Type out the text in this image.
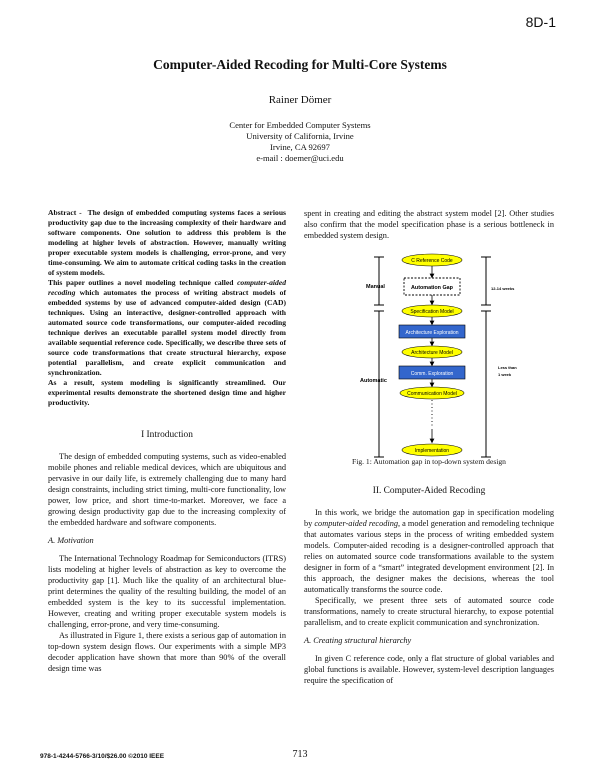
8D-1
Computer-Aided Recoding for Multi-Core Systems
Rainer Dömer
Center for Embedded Computer Systems
University of California, Irvine
Irvine, CA 92697
e-mail : doemer@uci.edu

Abstract - The design of embedded computing systems faces a serious productivity gap due to the increasing complexity of their hardware and software components. One solution to address this problem is the modeling at higher levels of abstraction. However, manually writing proper executable system models is challenging, error-prone, and very time-consuming. We aim to automate critical coding tasks in the creation of system models.

This paper outlines a novel modeling technique called computer-aided recoding which automates the process of writing abstract models of embedded systems by use of advanced computer-aided design (CAD) techniques. Using an interactive, designer-controlled approach with automated source code transformations, our computer-aided recoding technique derives an executable parallel system model directly from available sequential reference code. Specifically, we describe three sets of source code transformations that create structural hierarchy, expose potential parallelism, and create explicit communication and synchronization.

As a result, system modeling is significantly streamlined. Our experimental results demonstrate the shortened design time and higher productivity.

I Introduction

The design of embedded computing systems, such as video-enabled mobile phones and reliable medical devices, which are ubiquitous and pervasive in our daily life, is extremely challenging due to many hard design constraints, including strict timing, multi-core functionality, low power, low price, and short time-to-market. Moreover, we face a growing design productivity gap due to the increasing complexity of the embedded hardware and software components.

A. Motivation

The International Technology Roadmap for Semiconductors (ITRS) lists modeling at higher levels of abstraction as key to overcome the productivity gap [1]. Much like the quality of an architectural blue-print determines the quality of the resulting building, the model of an embedded system is the key to its successful implementation. However, creating and writing proper executable system models is challenging, error-prone, and very time-consuming.

As illustrated in Figure 1, there exists a serious gap of automation in top-down system design flows. Our experiments with a simple MP3 decoder application have shown that more than 90% of the overall design time was

spent in creating and editing the abstract system model [2]. Other studies also confirm that the model specification phase is a serious bottleneck in embedded system design.

Manual
Automatic
12-14 weeks
Less than
1 week
C Reference Code
Automation Gap
Specification Model
Architecture Exploration
Architecture Model
Comm. Exploration
Communication Model
Implementation
Fig. 1: Automation gap in top-down system design
II. Computer-Aided Recoding

In this work, we bridge the automation gap in specification modeling by computer-aided recoding, a model generation and remodeling technique that automates various steps in the process of writing embedded system models. Computer-aided recoding is a designer-controlled approach that relies on automated source code transformations available to the system designer in form of a “smart” integrated development environment [2]. In this approach, the designer makes the decisions, whereas the tool automatically transforms the source code.

Specifically, we present three sets of automated source code transformations, namely to create structural hierarchy, to expose potential parallelism, and to create explicit communication and synchronization.

A. Creating structural hierarchy

In given C reference code, only a flat structure of global variables and global functions is available. However, system-level description languages require the specification of

978-1-4244-5766-3/10/$26.00 ©2010 IEEE	713
